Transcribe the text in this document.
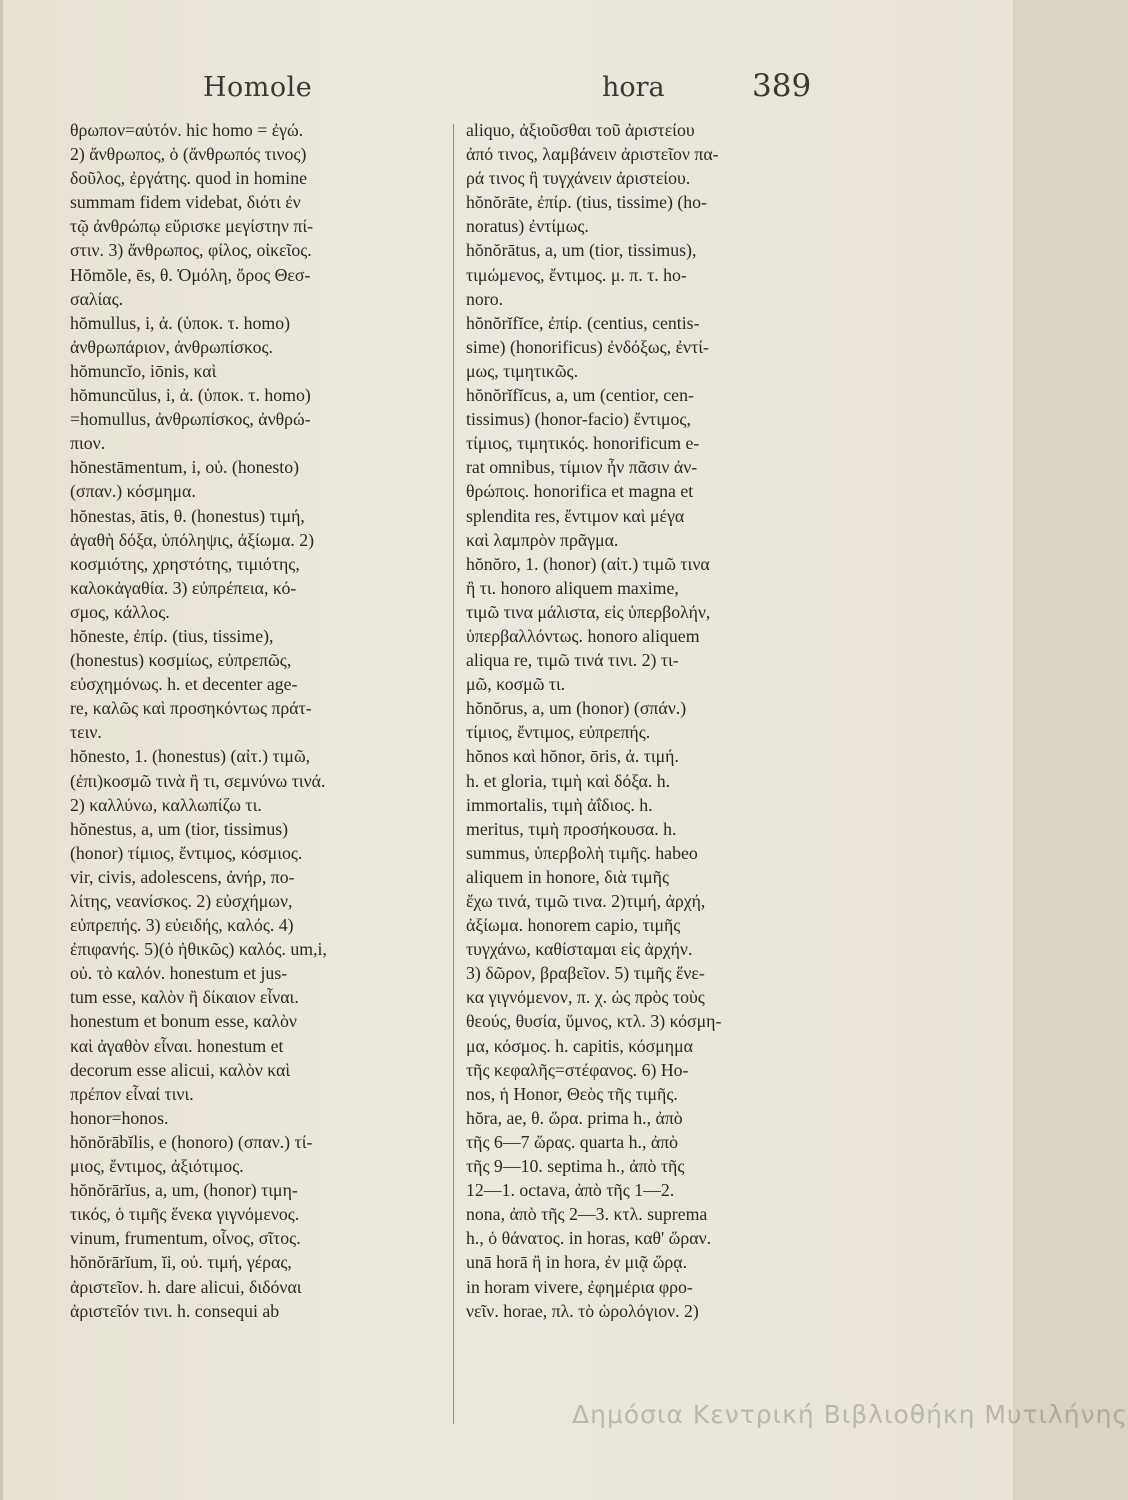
Homole	hora	389
θρωπον=αὐτόν. hic homo = ἐγώ.
2) ἄνθρωπος, ὁ (ἄνθρωπός τινος)
δοῦλος, ἐργάτης. quod in homine
summam fidem videbat, διότι ἐν
τῷ ἀνθρώπῳ εὕρισκε μεγίστην πί-
στιν. 3) ἄνθρωπος, φίλος, οἰκεῖος.
Hŏmŏle, ēs, θ. Ὁμόλη, ὄρος Θεσ-
σαλίας.
hŏmullus, i, ἀ. (ὑποκ. τ. homo)
ἀνθρωπάριον, ἀνθρωπίσκος.
hŏmuncĭo, iōnis, καὶ
hŏmuncŭlus, i, ἀ. (ὑποκ. τ. homo)
=homullus, ἀνθρωπίσκος, ἀνθρώ-
πιον.
hŏnestāmentum, i, οὐ. (honesto)
(σπαν.) κόσμημα.
hŏnestas, ātis, θ. (honestus) τιμή,
ἀγαθὴ δόξα, ὑπόληψις, ἀξίωμα. 2)
κοσμιότης, χρηστότης, τιμιότης,
καλοκἀγαθία. 3) εὐπρέπεια, κό-
σμος, κάλλος.
hŏneste, ἐπίρ. (tius, tissime),
(honestus) κοσμίως, εὐπρεπῶς,
εὐσχημόνως. h. et decenter age-
re, καλῶς καὶ προσηκόντως πράτ-
τειν.
hŏnesto, 1. (honestus) (αἰτ.) τιμῶ,
(ἐπι)κοσμῶ τινὰ ἢ τι, σεμνύνω τινά.
2) καλλύνω, καλλωπίζω τι.
hŏnestus, a, um (tior, tissimus)
(honor) τίμιος, ἔντιμος, κόσμιος.
vir, civis, adolescens, ἀνήρ, πο-
λίτης, νεανίσκος. 2) εὐσχήμων,
εὐπρεπής. 3) εὐειδής, καλός. 4)
ἐπιφανής. 5)(ὁ ἠθικῶς) καλός. um,i,
οὐ. τὸ καλόν. honestum et jus-
tum esse, καλὸν ἢ δίκαιον εἶναι.
honestum et bonum esse, καλὸν
καὶ ἀγαθὸν εἶναι. honestum et
decorum esse alicui, καλὸν καὶ
πρέπον εἶναί τινι.
honor=honos.
hŏnŏrābĭlis, e (honoro) (σπαν.) τί-
μιος, ἔντιμος, ἀξιότιμος.
hŏnŏrārĭus, a, um, (honor) τιμη-
τικός, ὁ τιμῆς ἕνεκα γιγνόμενος.
vinum, frumentum, οἶνος, σῖτος.
hŏnŏrārĭum, ĭi, οὐ. τιμή, γέρας,
ἀριστεῖον. h. dare alicui, διδόναι
ἀριστεῖόν τινι. h. consequi ab
aliquo, ἀξιοῦσθαι τοῦ ἀριστείου
ἀπό τινος, λαμβάνειν ἀριστεῖον πα-
ρά τινος ἢ τυγχάνειν ἀριστείου.
hŏnŏrāte, ἐπίρ. (tius, tissime) (ho-
noratus) ἐντίμως.
hŏnŏrātus, a, um (tior, tissimus),
τιμώμενος, ἔντιμος. μ. π. τ. ho-
noro.
hŏnŏrĭfĭce, ἐπίρ. (centius, centis-
sime) (honorificus) ἐνδόξως, ἐντί-
μως, τιμητικῶς.
hŏnŏrĭfĭcus, a, um (centior, cen-
tissimus) (honor-facio) ἔντιμος,
τίμιος, τιμητικός. honorificum e-
rat omnibus, τίμιον ἦν πᾶσιν ἀν-
θρώποις. honorifica et magna et
splendita res, ἔντιμον καὶ μέγα
καὶ λαμπρὸν πρᾶγμα.
hŏnŏro, 1. (honor) (αἰτ.) τιμῶ τινα
ἢ τι. honoro aliquem maxime,
τιμῶ τινα μάλιστα, εἰς ὑπερβολήν,
ὑπερβαλλόντως. honoro aliquem
aliqua re, τιμῶ τινά τινι. 2) τι-
μῶ, κοσμῶ τι.
hŏnŏrus, a, um (honor) (σπάν.)
τίμιος, ἔντιμος, εὐπρεπής.
hŏnos καὶ hŏnor, ōris, ἀ. τιμή.
h. et gloria, τιμὴ καὶ δόξα. h.
immortalis, τιμὴ ἀΐδιος. h.
meritus, τιμὴ προσήκουσα. h.
summus, ὑπερβολὴ τιμῆς. habeo
aliquem in honore, διὰ τιμῆς
ἔχω τινά, τιμῶ τινα. 2)τιμή, ἀρχή,
ἀξίωμα. honorem capio, τιμῆς
τυγχάνω, καθίσταμαι εἰς ἀρχήν.
3) δῶρον, βραβεῖον. 5) τιμῆς ἕνε-
κα γιγνόμενον, π. χ. ὡς πρὸς τοὺς
θεούς, θυσία, ὕμνος, κτλ. 3) κόσμη-
μα, κόσμος. h. capitis, κόσμημα
τῆς κεφαλῆς=στέφανος. 6) Ho-
nos, ἡ Honor, Θεὸς τῆς τιμῆς.
hŏra, ae, θ. ὥρα. prima h., ἀπὸ
τῆς 6—7 ὥρας. quarta h., ἀπὸ
τῆς 9—10. septima h., ἀπὸ τῆς
12—1. octava, ἀπὸ τῆς 1—2.
nona, ἀπὸ τῆς 2—3. κτλ. suprema
h., ὁ θάνατος. in horas, καθ' ὥραν.
unā horā ἢ in hora, ἐν μιᾷ ὥρᾳ.
in horam vivere, ἐφημέρια φρο-
νεῖν. horae, πλ. τὸ ὡρολόγιον. 2)
Δημόσια Κεντρική Βιβλιοθήκη Μυτιλήνης
